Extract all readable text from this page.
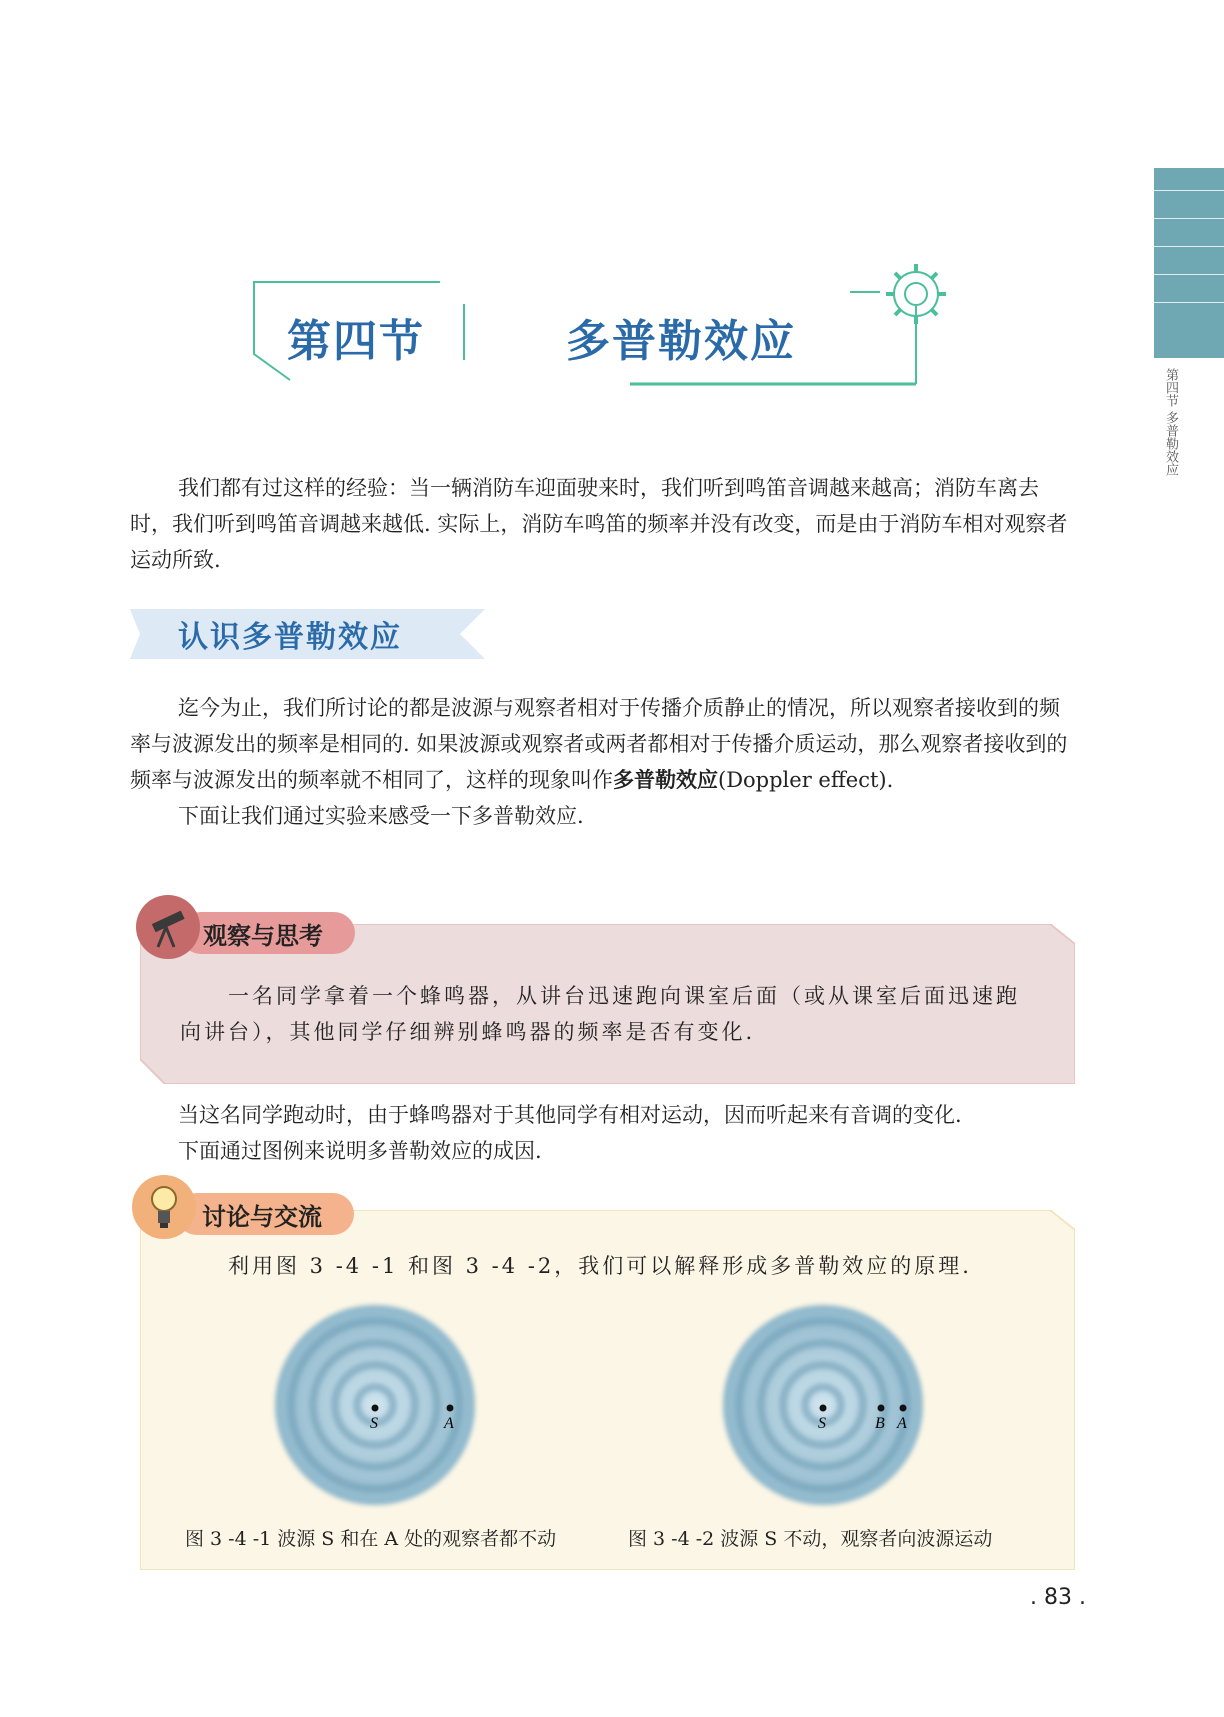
第四节 多普勒效应
第四节	多普勒效应

我们都有过这样的经验：当一辆消防车迎面驶来时，我们听到鸣笛音调越来越高；消防车离去时，我们听到鸣笛音调越来越低. 实际上，消防车鸣笛的频率并没有改变，而是由于消防车相对观察者运动所致.

认识多普勒效应

迄今为止，我们所讨论的都是波源与观察者相对于传播介质静止的情况，所以观察者接收到的频率与波源发出的频率是相同的. 如果波源或观察者或两者都相对于传播介质运动，那么观察者接收到的频率与波源发出的频率就不相同了，这样的现象叫作多普勒效应(Doppler effect).

下面让我们通过实验来感受一下多普勒效应.

观察与思考

一名同学拿着一个蜂鸣器，从讲台迅速跑向课室后面（或从课室后面迅速跑向讲台），其他同学仔细辨别蜂鸣器的频率是否有变化.

当这名同学跑动时，由于蜂鸣器对于其他同学有相对运动，因而听起来有音调的变化.

下面通过图例来说明多普勒效应的成因.

讨论与交流
利用图 3 -4 -1 和图 3 -4 -2，我们可以解释形成多普勒效应的原理.
S	A
图 3 -4 -1 波源 S 和在 A 处的观察者都不动
S	B A
图 3 -4 -2 波源 S 不动，观察者向波源运动
. 83 .
